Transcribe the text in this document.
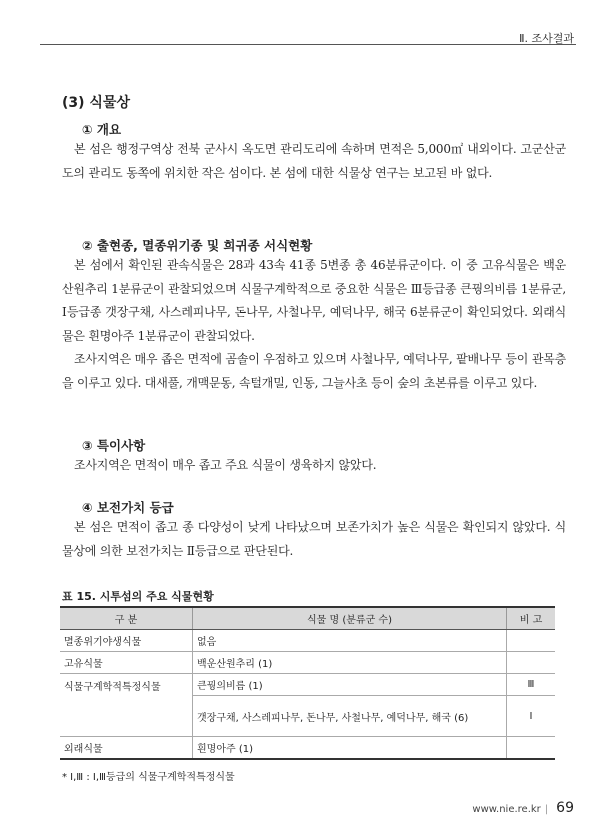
Ⅱ. 조사결과
(3) 식물상
① 개요

본 섬은 행정구역상 전북 군사시 옥도면 관리도리에 속하며 면적은 5,000㎡ 내외이다. 고군산군도의 관리도 동쪽에 위치한 작은 섬이다. 본 섬에 대한 식물상 연구는 보고된 바 없다.

② 출현종, 멸종위기종 및 희귀종 서식현황

본 섬에서 확인된 관속식물은 28과 43속 41종 5변종 총 46분류군이다. 이 중 고유식물은 백운산원추리 1분류군이 관찰되었으며 식물구계학적으로 중요한 식물은 Ⅲ등급종 큰꿩의비름 1분류군, Ⅰ등급종 갯장구채, 사스레피나무, 돈나무, 사철나무, 예덕나무, 해국 6분류군이 확인되었다. 외래식물은 흰명아주 1분류군이 관찰되었다.

조사지역은 매우 좁은 면적에 곰솔이 우점하고 있으며 사철나무, 예덕나무, 팥배나무 등이 관목층을 이루고 있다. 대새풀, 개맥문동, 속털개밀, 인동, 그늘사초 등이 숲의 초본류를 이루고 있다.

③ 특이사항

조사지역은 면적이 매우 좁고 주요 식물이 생육하지 않았다.

④ 보전가치 등급

본 섬은 면적이 좁고 종 다양성이 낮게 나타났으며 보존가치가 높은 식물은 확인되지 않았다. 식물상에 의한 보전가치는 Ⅱ등급으로 판단된다.

표 15. 시투섬의 주요 식물현황
구 분	식물 명 (분류군 수)	비 고
멸종위기야생식물	없음	
고유식물	백운산원추리 (1)	
식물구계학적특정식물	큰꿩의비름 (1)	Ⅲ
	갯장구채, 사스레피나무, 돈나무, 사철나무, 예덕나무, 해국 (6)	Ⅰ
외래식물	흰명아주 (1)	
* Ⅰ,Ⅲ : Ⅰ,Ⅲ등급의 식물구계학적특정식물
www.nie.re.kr | 69
